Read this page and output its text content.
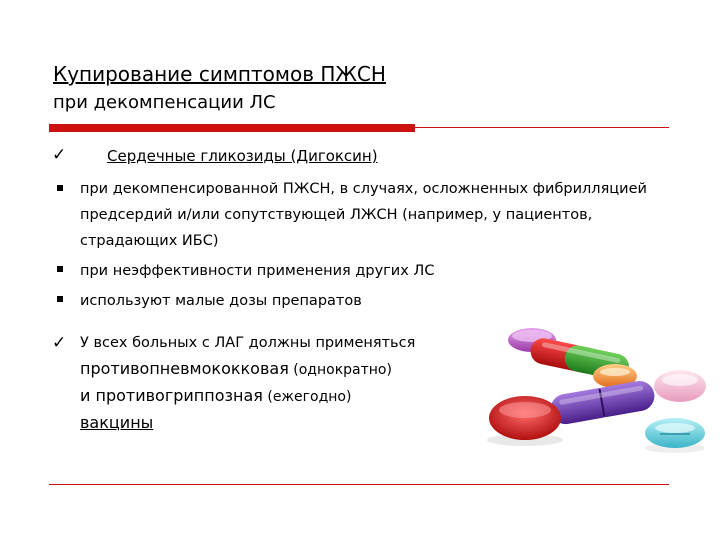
Купирование симптомов ПЖСН
при декомпенсации ЛС
✓	Сердечные гликозиды (Дигоксин)
при декомпенсированной ПЖСН, в случаях, осложненных фибрилляцией предсердий и/или сопутствующей ЛЖСН (например, у пациентов, страдающих ИБС)
при неэффективности применения других ЛС
используют малые дозы препаратов
✓ У всех больных с ЛАГ должны применяться
противопневмококковая (однократно)
и противогриппозная (ежегодно)
вакцины
